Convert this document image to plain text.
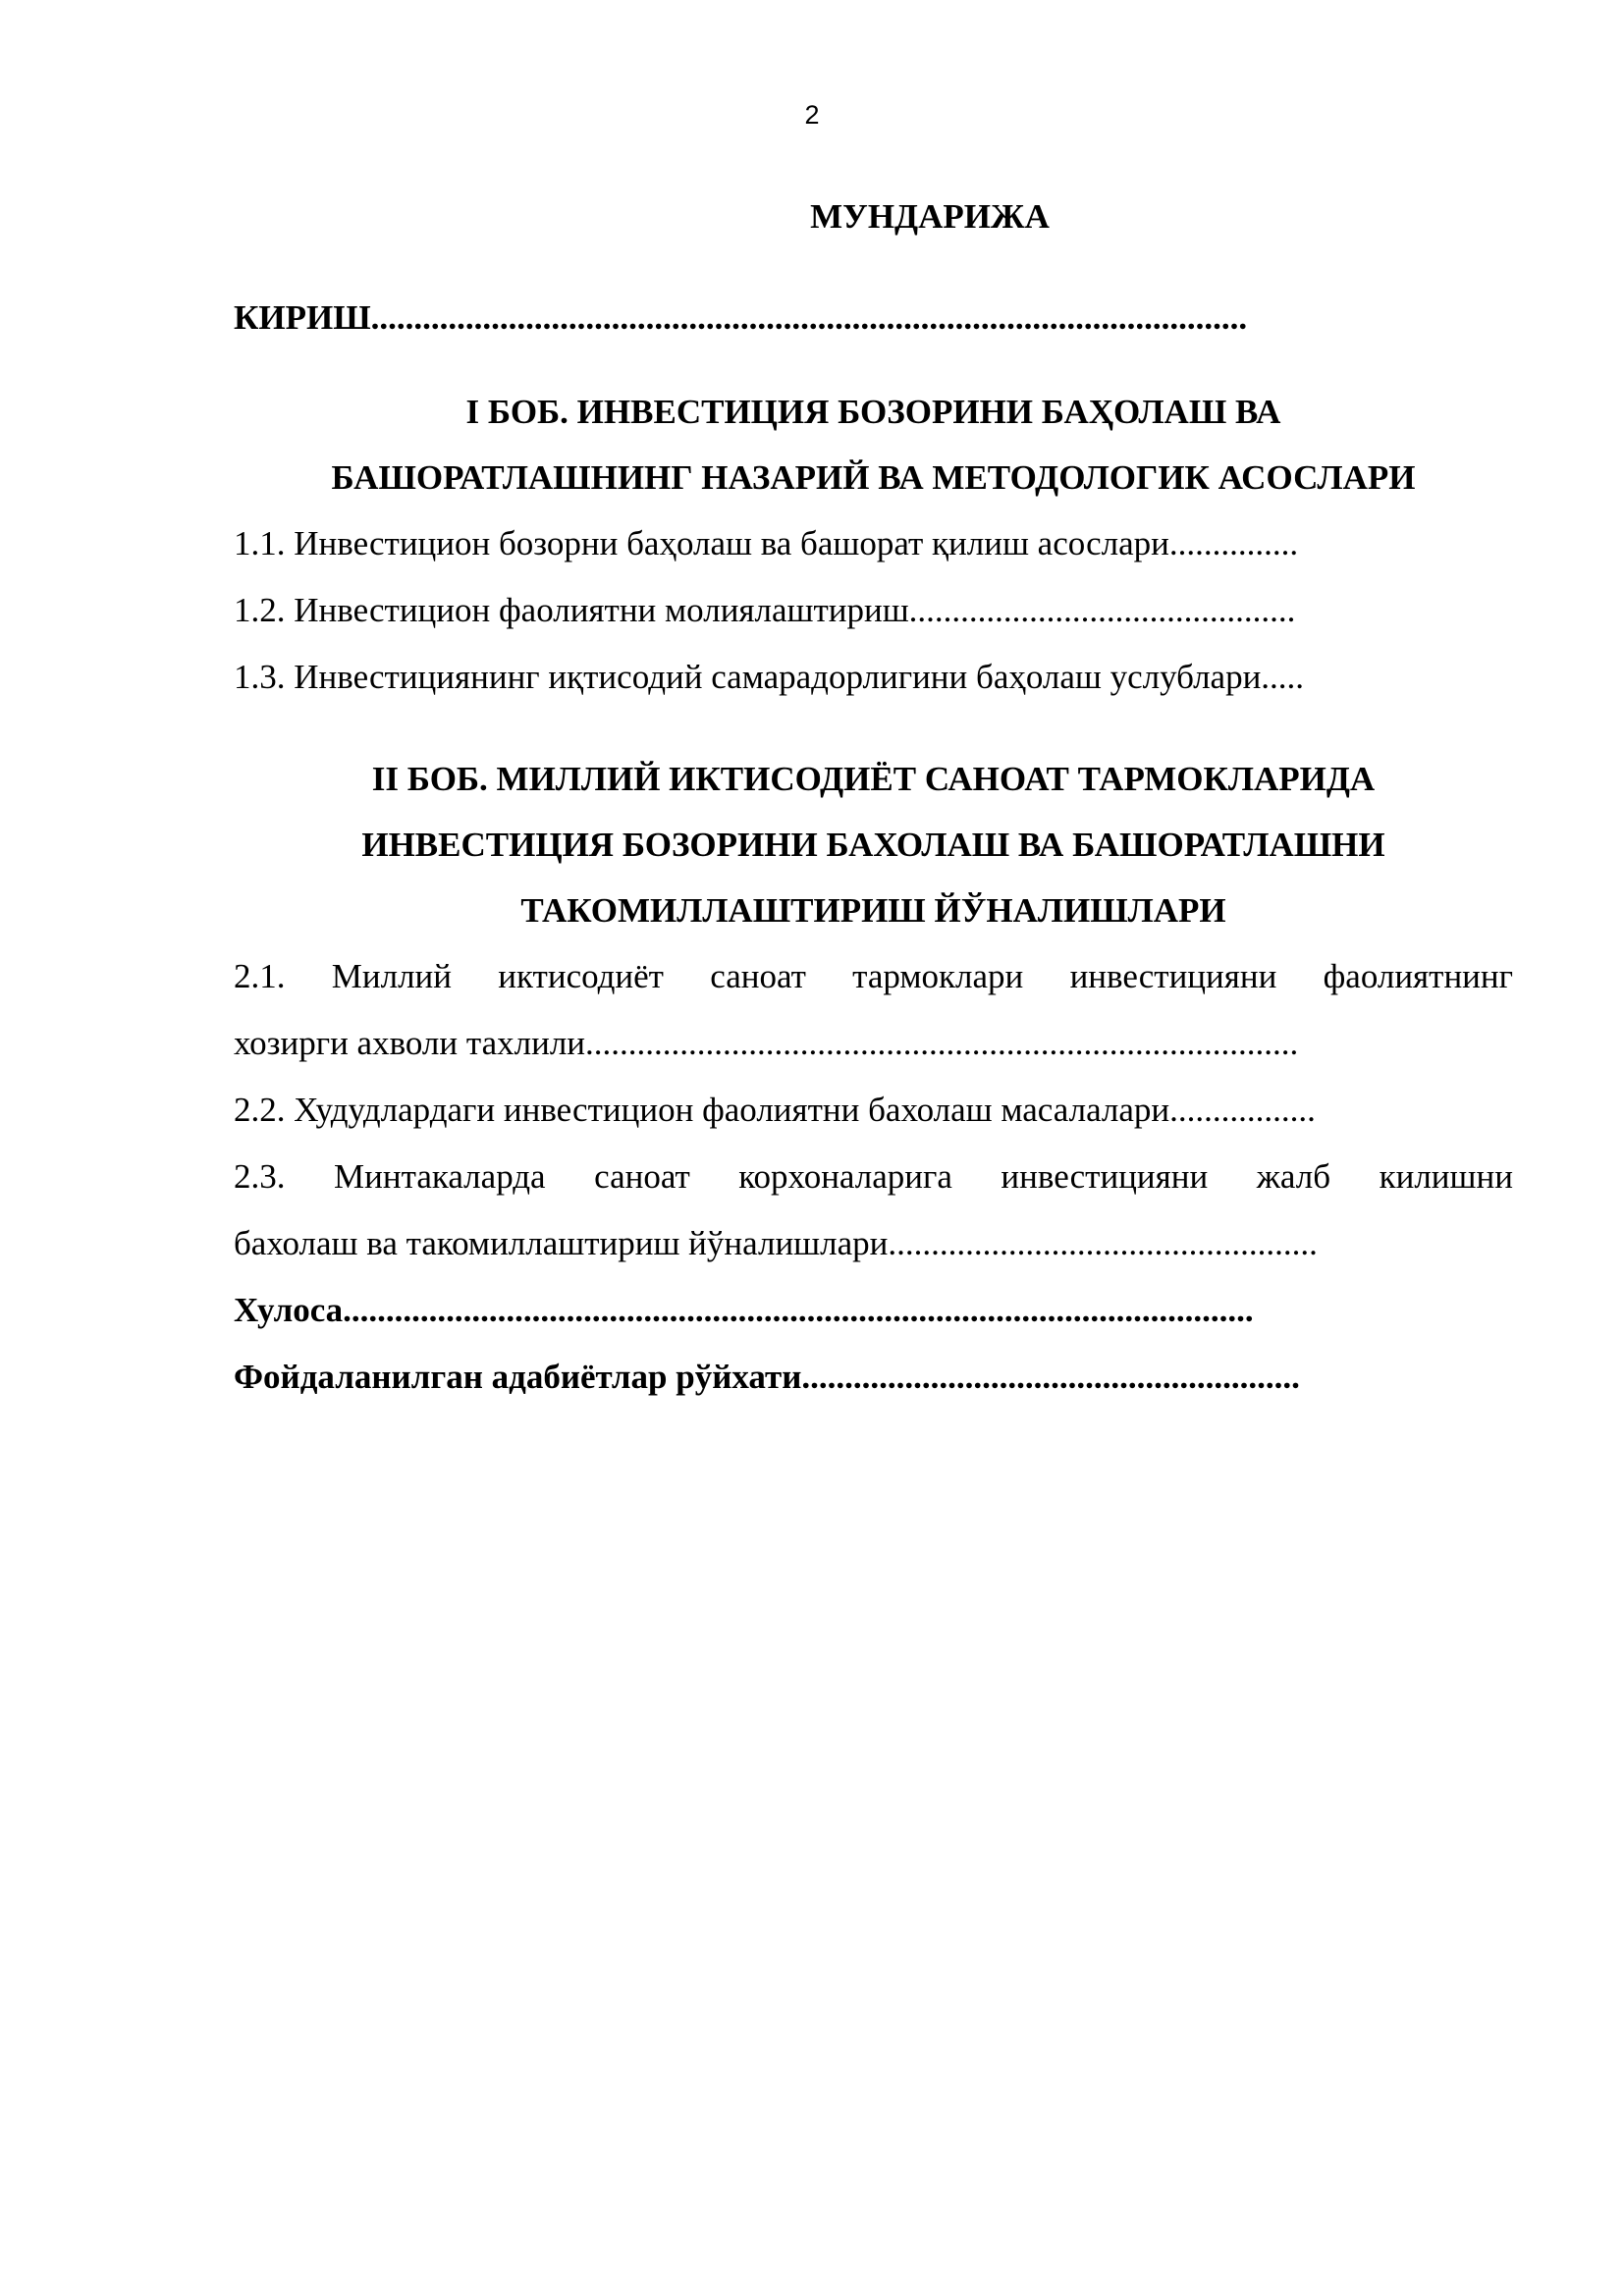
2
МУНДАРИЖА
КИРИШ......................................................................................................
I БОБ. ИНВЕСТИЦИЯ БОЗОРИНИ БАҲОЛАШ ВА
БАШОРАТЛАШНИНГ НАЗАРИЙ ВА МЕТОДОЛОГИК АСОСЛАРИ
1.1. Инвестицион бозорни баҳолаш ва башорат қилиш асослари...............
1.2. Инвестицион фаолиятни молиялаштириш.............................................
1.3. Инвестициянинг иқтисодий самарадорлигини баҳолаш услублари.....
II БОБ. МИЛЛИЙ ИКТИСОДИЁТ САНОАТ ТАРМОКЛАРИДА
ИНВЕСТИЦИЯ БОЗОРИНИ БАХОЛАШ ВА БАШОРАТЛАШНИ
ТАКОМИЛЛАШТИРИШ ЙЎНАЛИШЛАРИ
2.1. Миллий иктисодиёт саноат тармоклари инвестицияни фаолиятнинг
хозирги ахволи тахлили...................................................................................
2.2. Худудлардаги инвестицион фаолиятни бахолаш масалалари.................
2.3. Минтакаларда саноат корхоналарига инвестицияни жалб килишни
бахолаш ва такомиллаштириш йўналишлари..................................................
Хулоса..........................................................................................................
Фойдаланилган адабиётлар рўйхати..........................................................
